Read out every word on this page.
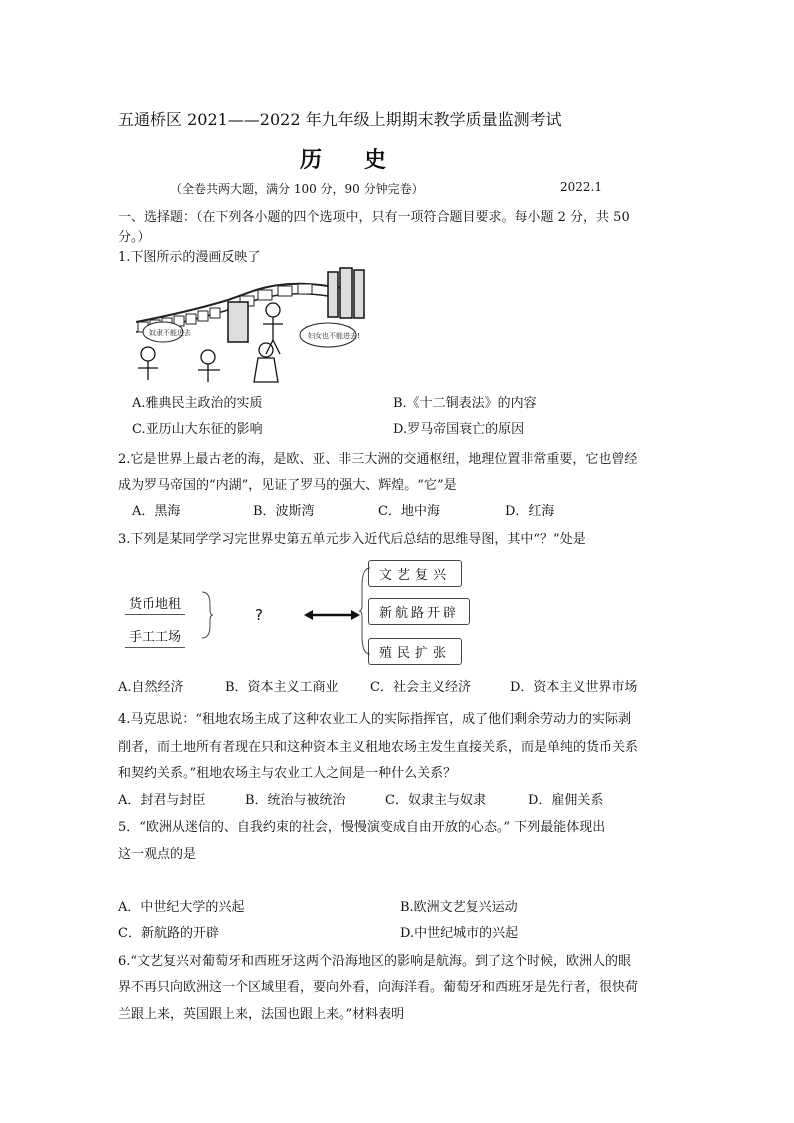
五通桥区 2021——2022 年九年级上期期末教学质量监测考试
历 史
（全卷共两大题，满分 100 分，90 分钟完卷）	2022.1
一、选择题：（在下列各小题的四个选项中，只有一项符合题目要求。每小题 2 分，共 50
分。）
1.下图所示的漫画反映了
奴隶不能进去	妇女也不能进去!
A.雅典民主政治的实质	B.《十二铜表法》的内容
C.亚历山大东征的影响	D.罗马帝国衰亡的原因
2.它是世界上最古老的海，是欧、亚、非三大洲的交通枢纽，地理位置非常重要，它也曾经
成为罗马帝国的“内湖”，见证了罗马的强大、辉煌。“它”是
A．黑海	B．波斯湾	C．地中海	D．红海
3.下列是某同学学习完世界史第五单元步入近代后总结的思维导图，其中“？”处是
货币地租
手工工场
?
文艺复兴
新航路开辟
殖民扩张
A.自然经济	B．资本主义工商业 C．社会主义经济	D．资本主义世界市场
4.马克思说：“租地农场主成了这种农业工人的实际指挥官，成了他们剩余劳动力的实际剥
削者，而土地所有者现在只和这种资本主义租地农场主发生直接关系，而是单纯的货币关系
和契约关系。”租地农场主与农业工人之间是一种什么关系？
A．封君与封臣	B．统治与被统治	C．奴隶主与奴隶	D．雇佣关系
5．“欧洲从迷信的、自我约束的社会，慢慢演变成自由开放的心态。” 下列最能体现出
这一观点的是
A．中世纪大学的兴起	B.欧洲文艺复兴运动
C．新航路的开辟	D.中世纪城市的兴起
6.“文艺复兴对葡萄牙和西班牙这两个沿海地区的影响是航海。到了这个时候，欧洲人的眼
界不再只向欧洲这一个区域里看，要向外看，向海洋看。葡萄牙和西班牙是先行者，很快荷
兰跟上来，英国跟上来，法国也跟上来。”材料表明
